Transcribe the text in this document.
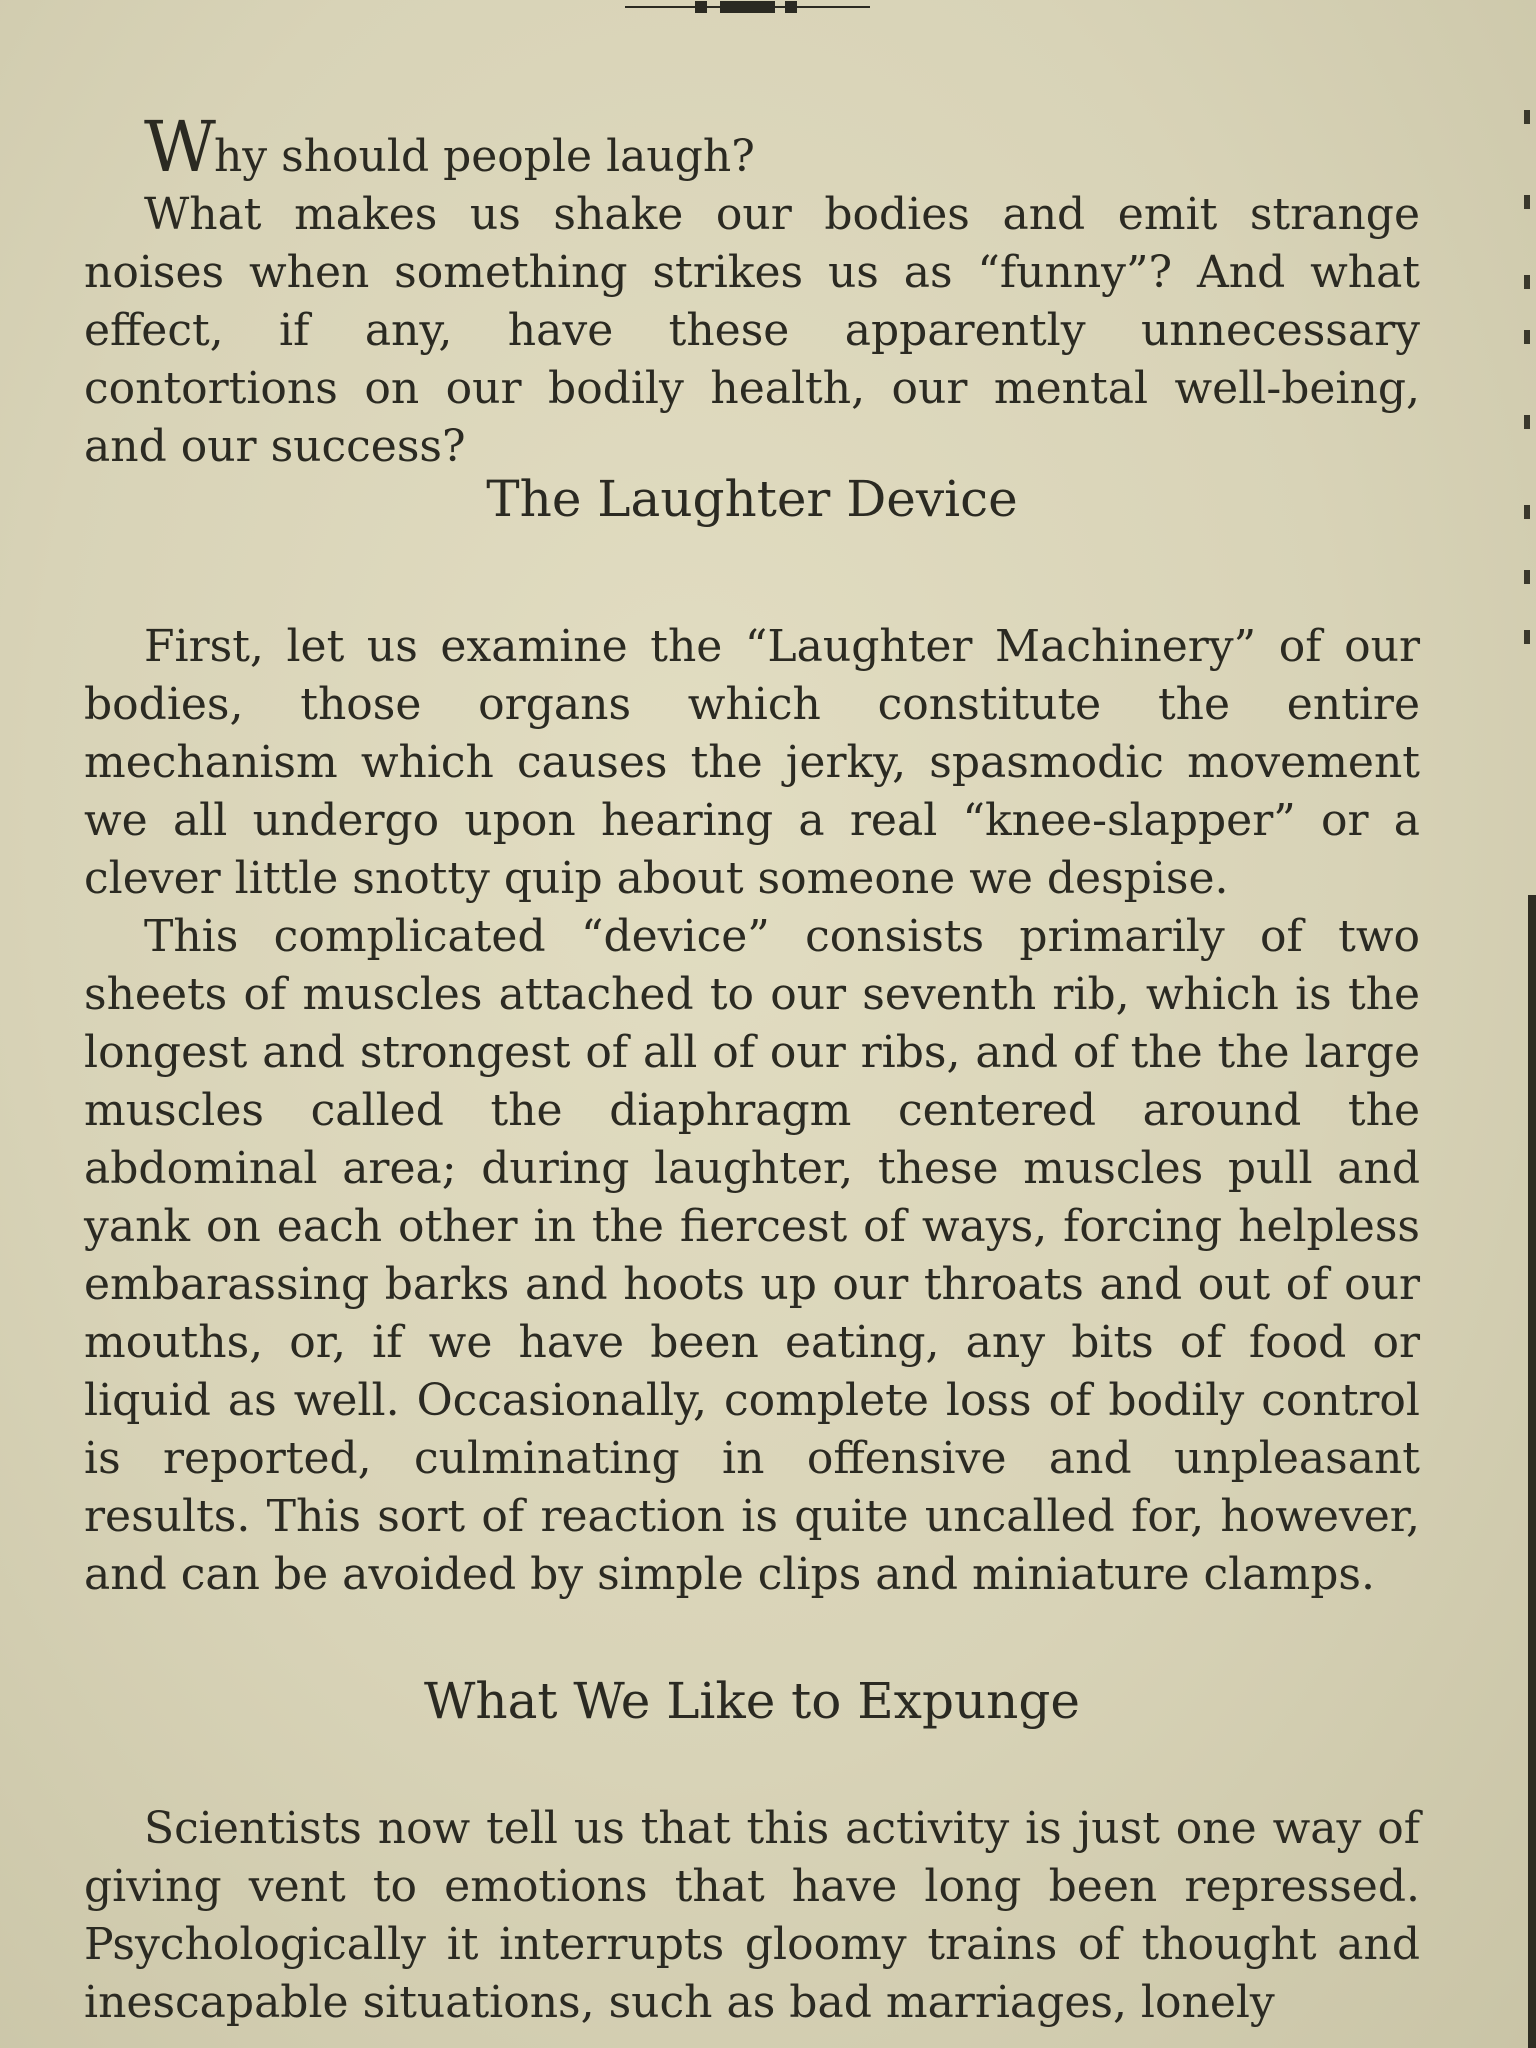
Why should people laugh?

What makes us shake our bodies and emit strange noises when something strikes us as “funny”? And what effect, if any, have these apparently unnecessary contortions on our bodily health, our mental well-being, and our success?

The Laughter Device

First, let us examine the “Laughter Machinery” of our bodies, those organs which constitute the entire mechanism which causes the jerky, spasmodic movement we all undergo upon hearing a real “knee-slapper” or a clever little snotty quip about someone we despise.

This complicated “device” consists primarily of two sheets of muscles attached to our seventh rib, which is the longest and strongest of all of our ribs, and of the the large muscles called the diaphragm centered around the abdominal area; during laughter, these muscles pull and yank on each other in the fiercest of ways, forcing helpless embarassing barks and hoots up our throats and out of our mouths, or, if we have been eating, any bits of food or liquid as well. Occasionally, complete loss of bodily control is reported, culminating in offensive and unpleasant results. This sort of reaction is quite uncalled for, however, and can be avoided by simple clips and miniature clamps.

What We Like to Expunge

Scientists now tell us that this activity is just one way of giving vent to emotions that have long been repressed. Psychologically it interrupts gloomy trains of thought and inescapable situations, such as bad marriages, lonely
